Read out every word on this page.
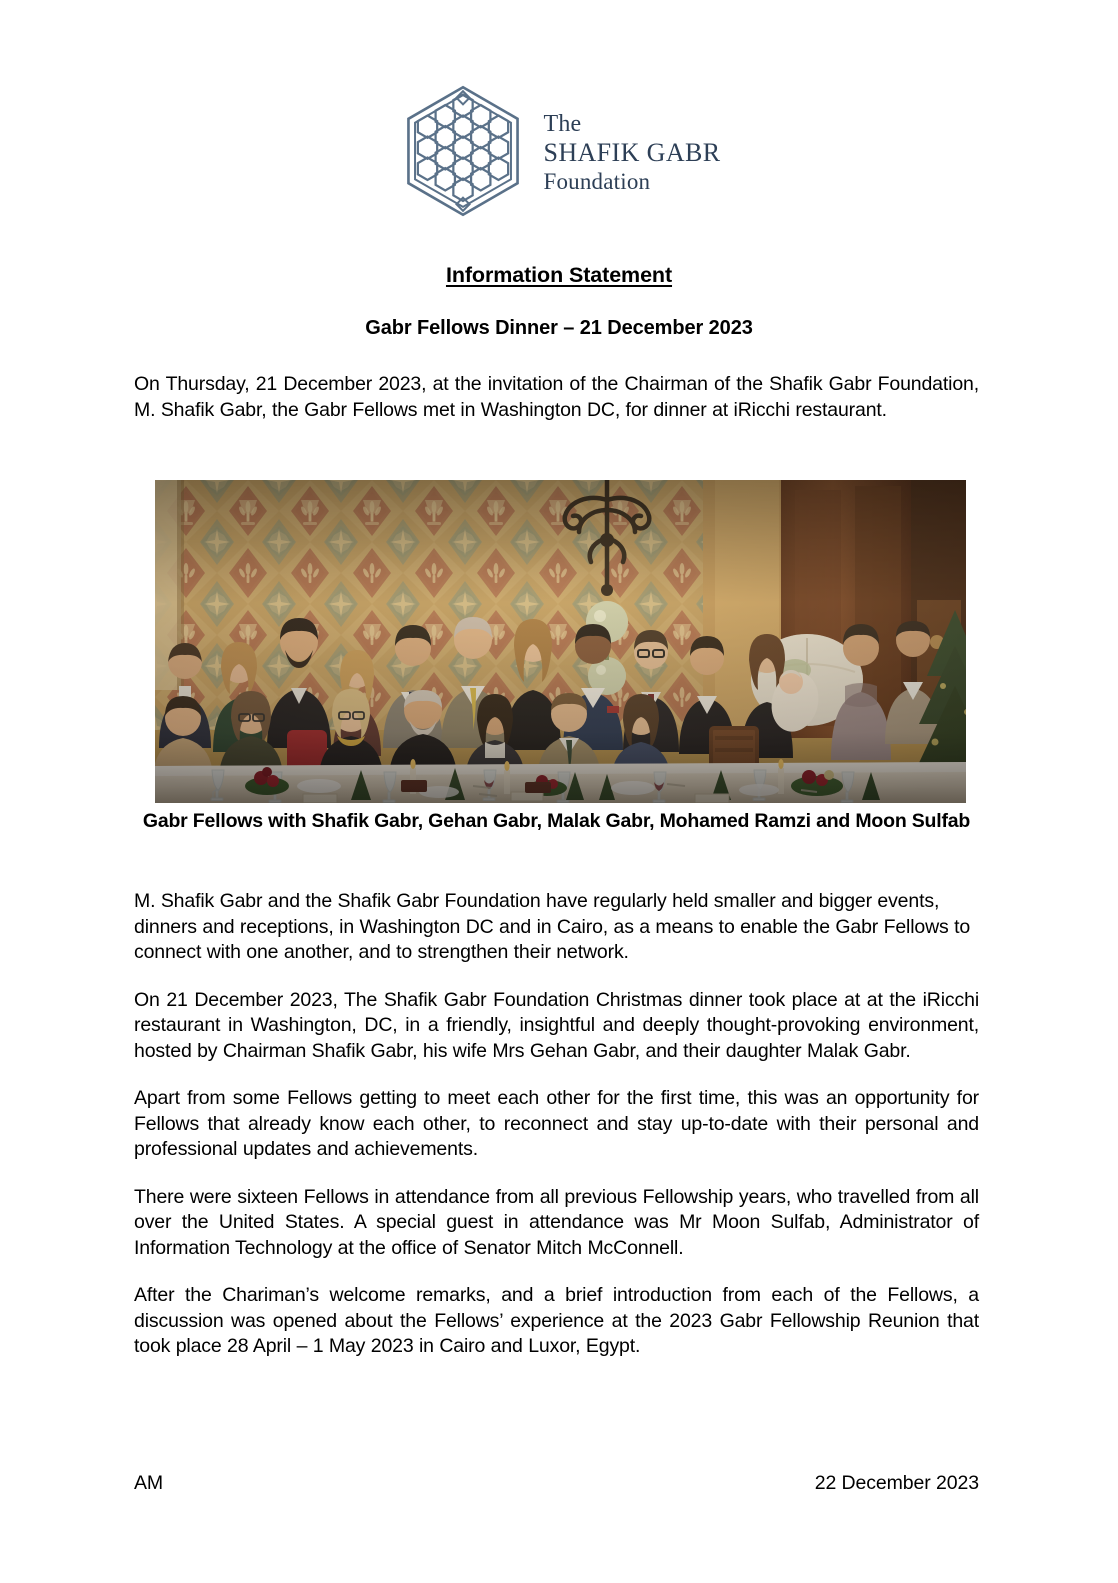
The
SHAFIK GABR
Foundation
Information Statement
Gabr Fellows Dinner – 21 December 2023

On Thursday, 21 December 2023, at the invitation of the Chairman of the Shafik Gabr Foundation, M. Shafik Gabr, the Gabr Fellows met in Washington DC, for dinner at iRicchi restaurant.

Gabr Fellows with Shafik Gabr, Gehan Gabr, Malak Gabr, Mohamed Ramzi and Moon Sulfab

M. Shafik Gabr and the Shafik Gabr Foundation have regularly held smaller and bigger events, dinners and receptions, in Washington DC and in Cairo, as a means to enable the Gabr Fellows to connect with one another, and to strengthen their network.

On 21 December 2023, The Shafik Gabr Foundation Christmas dinner took place at at the iRicchi restaurant in Washington, DC, in a friendly, insightful and deeply thought-provoking environment, hosted by Chairman Shafik Gabr, his wife Mrs Gehan Gabr, and their daughter Malak Gabr.

Apart from some Fellows getting to meet each other for the first time, this was an opportunity for Fellows that already know each other, to reconnect and stay up-to-date with their personal and professional updates and achievements.

There were sixteen Fellows in attendance from all previous Fellowship years, who travelled from all over the United States. A special guest in attendance was Mr Moon Sulfab, Administrator of Information Technology at the office of Senator Mitch McConnell.

After the Chariman’s welcome remarks, and a brief introduction from each of the Fellows, a discussion was opened about the Fellows’ experience at the 2023 Gabr Fellowship Reunion that took place 28 April – 1 May 2023 in Cairo and Luxor, Egypt.

AM	22 December 2023
